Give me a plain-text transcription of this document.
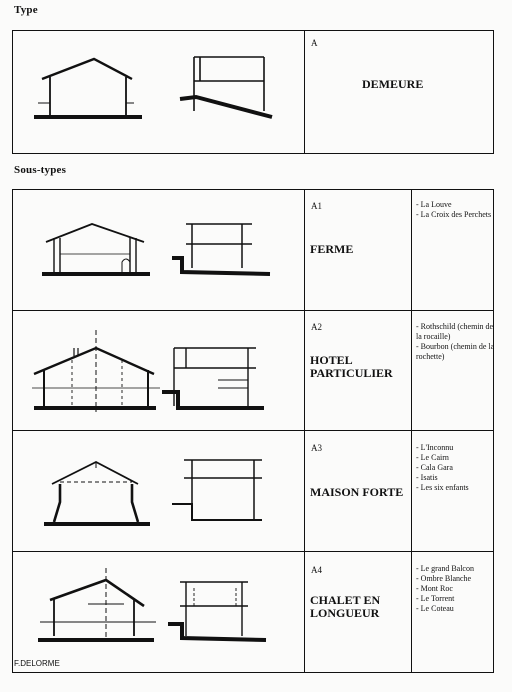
Type
Sous-types
A
DEMEURE
A1
FERME
- La Louve
- La Croix des Perchets
A2
HOTEL
PARTICULIER
- Rothschild (chemin de la rocaille)
- Bourbon (chemin de la rochette)
A3
MAISON FORTE
- L'Inconnu
- Le Cairn
- Cala Gara
- Isatis
- Les six enfants
A4
CHALET EN
LONGUEUR
- Le grand Balcon
- Ombre Blanche
- Mont Roc
- Le Torrent
- Le Coteau
F.DELORME
